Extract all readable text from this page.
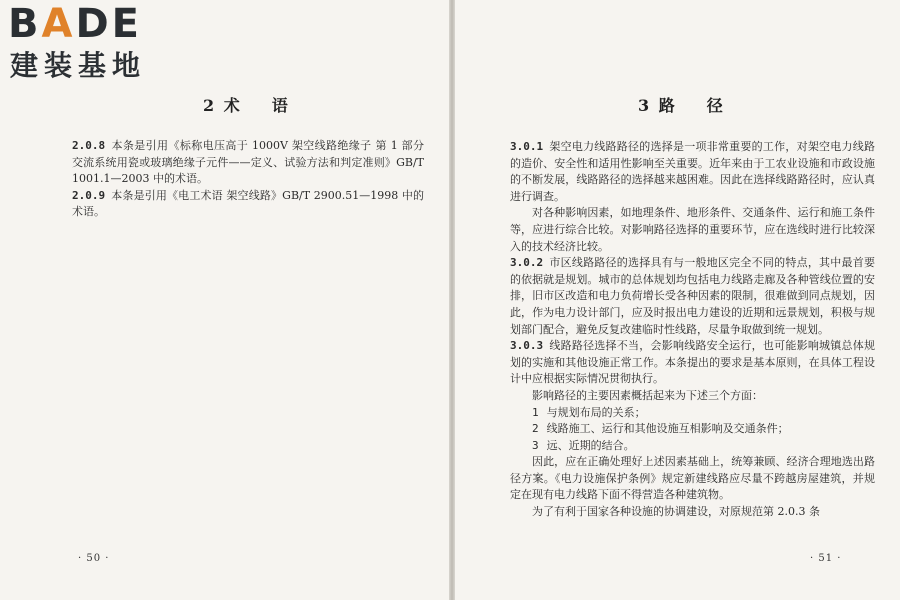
BADE
建装基地
2 术 语

2.0.8 本条是引用《标称电压高于 1000V 架空线路绝缘子 第 1 部分 交流系统用瓷或玻璃绝缘子元件——定义、试验方法和判定准则》GB/T 1001.1—2003 中的术语。

2.0.9 本条是引用《电工术语 架空线路》GB/T 2900.51—1998 中的术语。

· 50 ·
3 路 径

3.0.1 架空电力线路路径的选择是一项非常重要的工作，对架空电力线路的造价、安全性和适用性影响至关重要。近年来由于工农业设施和市政设施的不断发展，线路路径的选择越来越困难。因此在选择线路路径时，应认真进行调查。

对各种影响因素，如地理条件、地形条件、交通条件、运行和施工条件等，应进行综合比较。对影响路径选择的重要环节，应在选线时进行比较深入的技术经济比较。

3.0.2 市区线路路径的选择具有与一般地区完全不同的特点，其中最首要的依据就是规划。城市的总体规划均包括电力线路走廊及各种管线位置的安排，旧市区改造和电力负荷增长受各种因素的限制，很难做到同点规划，因此，作为电力设计部门，应及时报出电力建设的近期和远景规划，积极与规划部门配合，避免反复改建临时性线路，尽量争取做到统一规划。

3.0.3 线路路径选择不当，会影响线路安全运行，也可能影响城镇总体规划的实施和其他设施正常工作。本条提出的要求是基本原则，在具体工程设计中应根据实际情况贯彻执行。

影响路径的主要因素概括起来为下述三个方面：

1 与规划布局的关系；

2 线路施工、运行和其他设施互相影响及交通条件；

3 远、近期的结合。

因此，应在正确处理好上述因素基础上，统筹兼顾、经济合理地选出路径方案。《电力设施保护条例》规定新建线路应尽量不跨越房屋建筑，并规定在现有电力线路下面不得营造各种建筑物。

为了有利于国家各种设施的协调建设，对原规范第 2.0.3 条

· 51 ·
